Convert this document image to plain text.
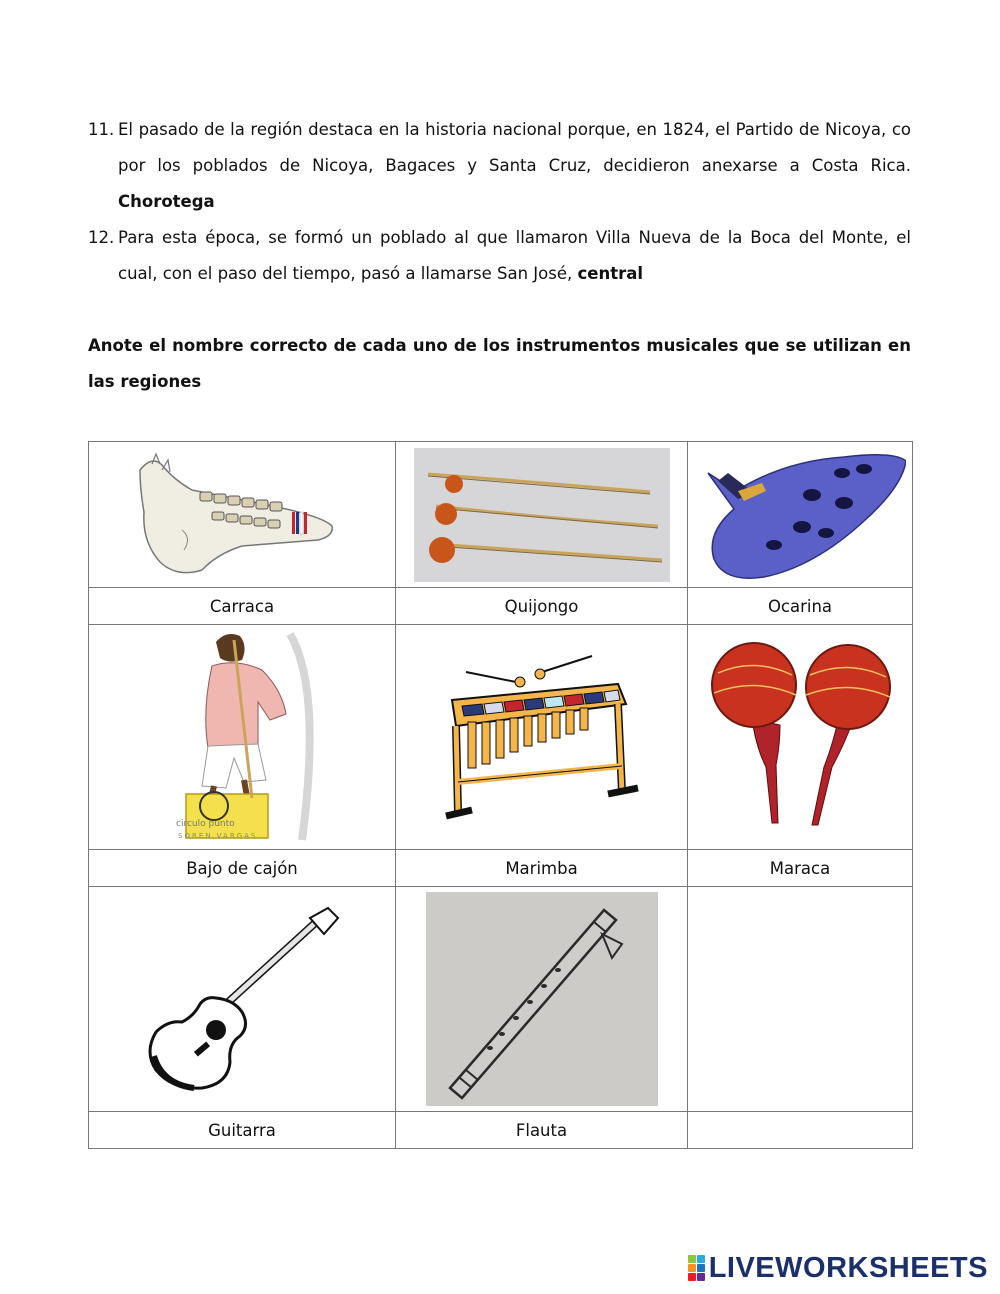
11. El pasado de la región destaca en la historia nacional porque, en 1824, el Partido de Nicoya, co por los poblados de Nicoya, Bagaces y Santa Cruz, decidieron anexarse a Costa Rica. Chorotega
12. Para esta época, se formó un poblado al que llamaron Villa Nueva de la Boca del Monte, el cual, con el paso del tiempo, pasó a llamarse San José, central
Anote el nombre correcto de cada uno de los instrumentos musicales que se utilizan en las regiones

Carraca	Quijongo	Ocarina

circulo punto
SOREN VARGAS

Bajo de cajón	Marimba	Maraca

Guitarra	Flauta	
LIVEWORKSHEETS
